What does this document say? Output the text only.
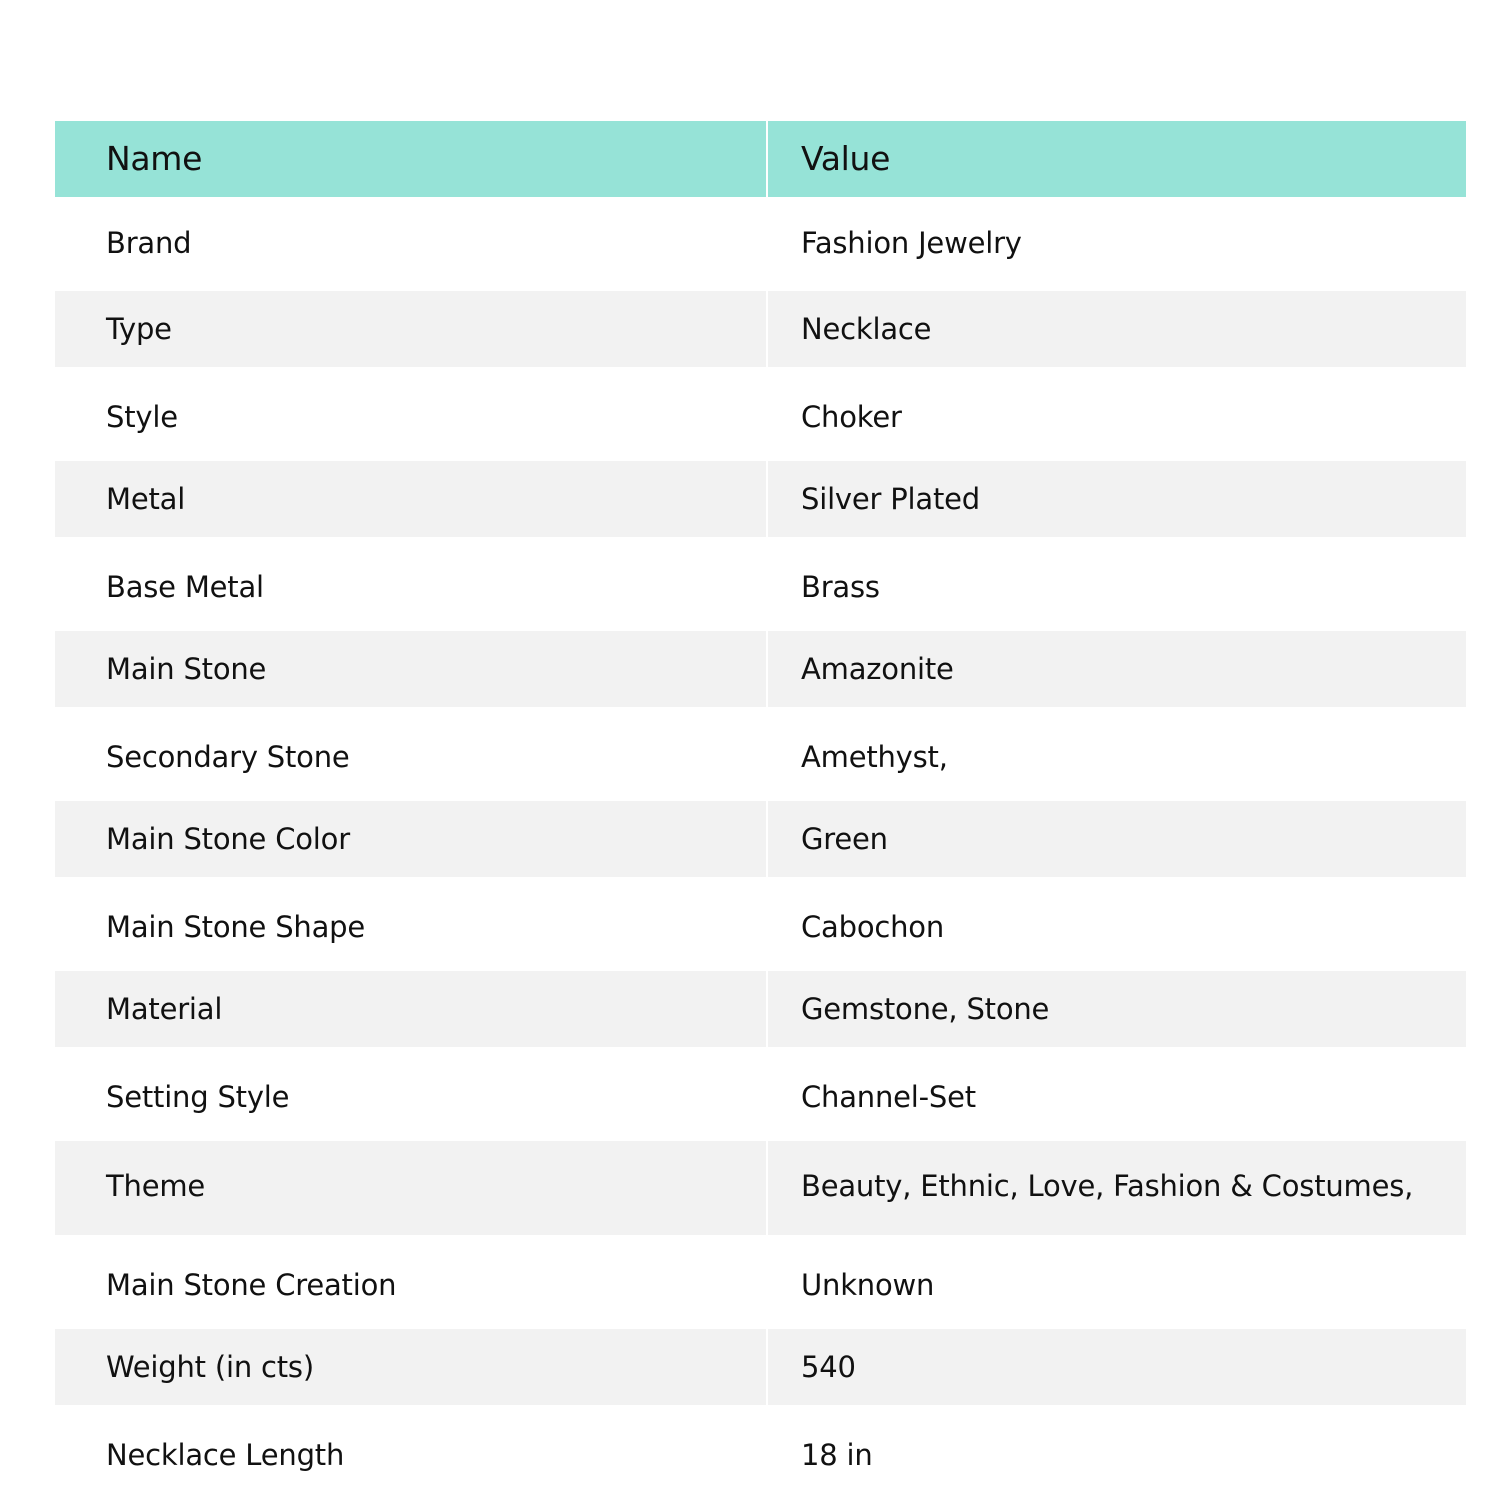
Name	Value
Brand	Fashion Jewelry
Type	Necklace
Style	Choker
Metal	Silver Plated
Base Metal	Brass
Main Stone	Amazonite
Secondary Stone	Amethyst,
Main Stone Color	Green
Main Stone Shape	Cabochon
Material	Gemstone, Stone
Setting Style	Channel-Set
Theme	Beauty, Ethnic, Love, Fashion & Costumes,
Main Stone Creation	Unknown
Weight (in cts)	540
Necklace Length	18 in
